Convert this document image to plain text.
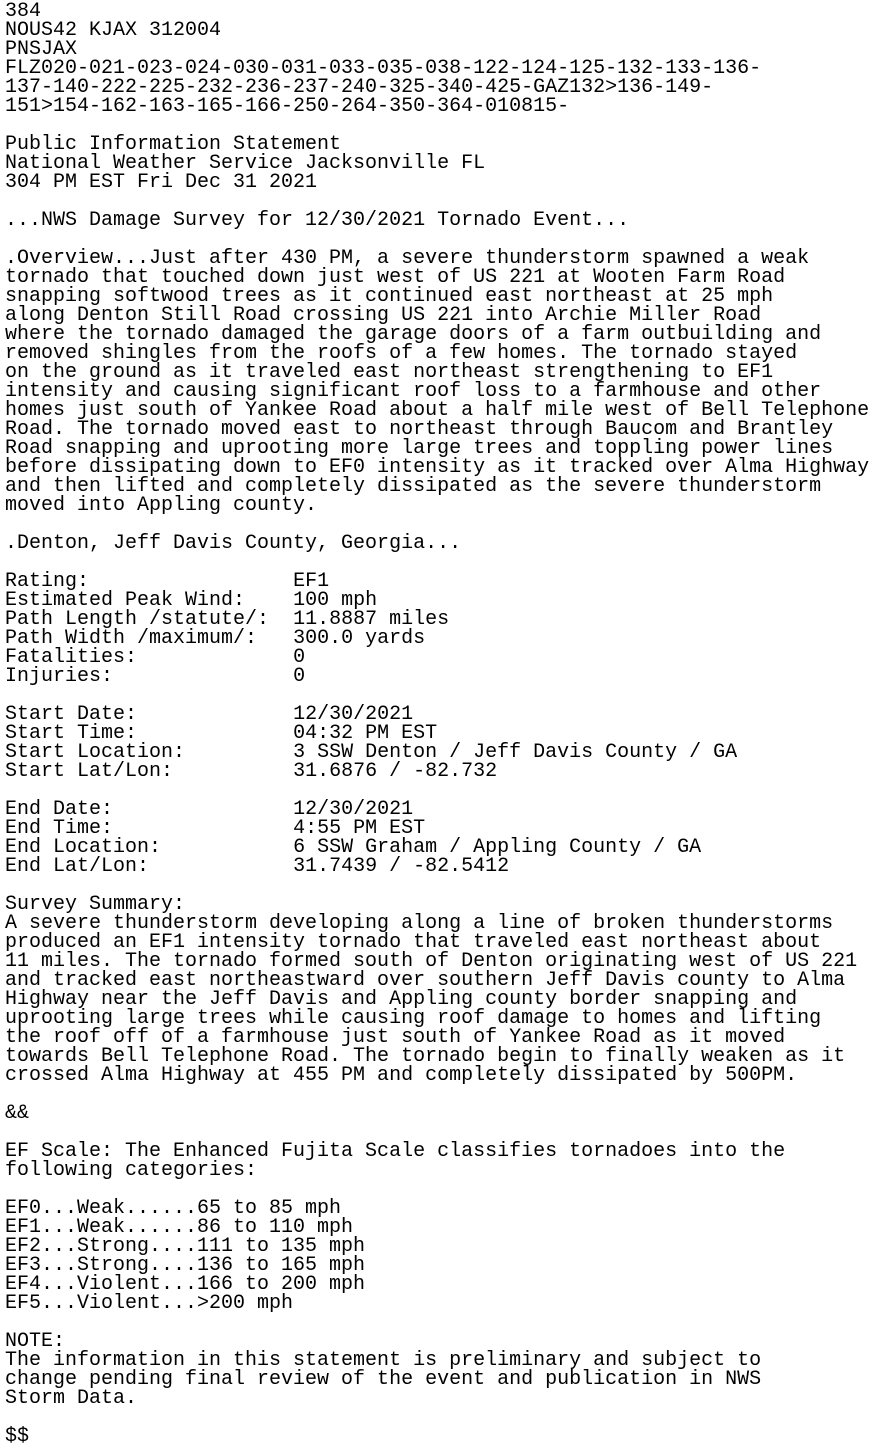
384
NOUS42 KJAX 312004
PNSJAX
FLZ020-021-023-024-030-031-033-035-038-122-124-125-132-133-136-
137-140-222-225-232-236-237-240-325-340-425-GAZ132>136-149-
151>154-162-163-165-166-250-264-350-364-010815-
Public Information Statement
National Weather Service Jacksonville FL
304 PM EST Fri Dec 31 2021
...NWS Damage Survey for 12/30/2021 Tornado Event...
.Overview...Just after 430 PM, a severe thunderstorm spawned a weak
tornado that touched down just west of US 221 at Wooten Farm Road
snapping softwood trees as it continued east northeast at 25 mph
along Denton Still Road crossing US 221 into Archie Miller Road
where the tornado damaged the garage doors of a farm outbuilding and
removed shingles from the roofs of a few homes. The tornado stayed
on the ground as it traveled east northeast strengthening to EF1
intensity and causing significant roof loss to a farmhouse and other
homes just south of Yankee Road about a half mile west of Bell Telephone
Road. The tornado moved east to northeast through Baucom and Brantley
Road snapping and uprooting more large trees and toppling power lines
before dissipating down to EF0 intensity as it tracked over Alma Highway
and then lifted and completely dissipated as the severe thunderstorm
moved into Appling county.
.Denton, Jeff Davis County, Georgia...
Rating:	EF1
Estimated Peak Wind: 100 mph
Path Length /statute/: 11.8887 miles
Path Width /maximum/: 300.0 yards
Fatalities:	0
Injuries:	0
Start Date:	12/30/2021
Start Time:	04:32 PM EST
Start Location:	3 SSW Denton / Jeff Davis County / GA
Start Lat/Lon:	31.6876 / -82.732
End Date:	12/30/2021
End Time:	4:55 PM EST
End Location:	6 SSW Graham / Appling County / GA
End Lat/Lon:	31.7439 / -82.5412
Survey Summary:
A severe thunderstorm developing along a line of broken thunderstorms
produced an EF1 intensity tornado that traveled east northeast about
11 miles. The tornado formed south of Denton originating west of US 221
and tracked east northeastward over southern Jeff Davis county to Alma
Highway near the Jeff Davis and Appling county border snapping and
uprooting large trees while causing roof damage to homes and lifting
the roof off of a farmhouse just south of Yankee Road as it moved
towards Bell Telephone Road. The tornado begin to finally weaken as it
crossed Alma Highway at 455 PM and completely dissipated by 500PM.
&&
EF Scale: The Enhanced Fujita Scale classifies tornadoes into the
following categories:
EF0...Weak......65 to 85 mph
EF1...Weak......86 to 110 mph
EF2...Strong....111 to 135 mph
EF3...Strong....136 to 165 mph
EF4...Violent...166 to 200 mph
EF5...Violent...>200 mph
NOTE:
The information in this statement is preliminary and subject to
change pending final review of the event and publication in NWS
Storm Data.
$$
